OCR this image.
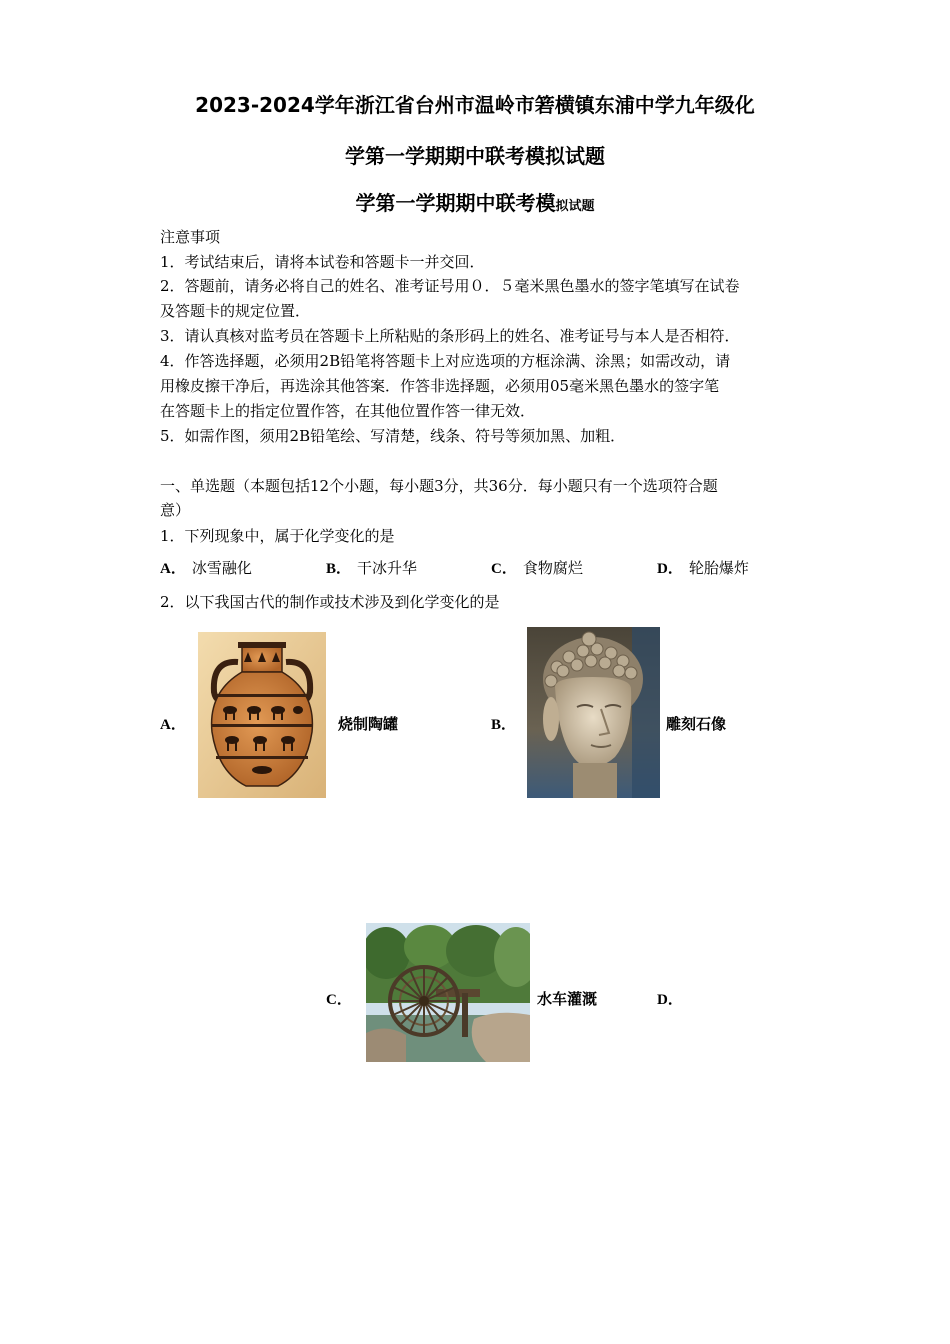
2023-2024学年浙江省台州市温岭市箬横镇东浦中学九年级化
学第一学期期中联考模拟试题
学第一学期期中联考模拟试题
注意事项
1．考试结束后，请将本试卷和答题卡一并交回．
2．答题前，请务必将自己的姓名、准考证号用０．５毫米黑色墨水的签字笔填写在试卷
及答题卡的规定位置．
3．请认真核对监考员在答题卡上所粘贴的条形码上的姓名、准考证号与本人是否相符．
4．作答选择题，必须用2B铅笔将答题卡上对应选项的方框涂满、涂黑；如需改动，请
用橡皮擦干净后，再选涂其他答案．作答非选择题，必须用05毫米黑色墨水的签字笔
在答题卡上的指定位置作答，在其他位置作答一律无效．
5．如需作图，须用2B铅笔绘、写清楚，线条、符号等须加黑、加粗．
一、单选题（本题包括12个小题，每小题3分，共36分．每小题只有一个选项符合题
意）
1．下列现象中，属于化学变化的是
A． 冰雪融化	B． 干冰升华	C． 食物腐烂	D． 轮胎爆炸
2．以下我国古代的制作或技术涉及到化学变化的是
A．	烧制陶罐	B．	雕刻石像
C．	水车灌溉	D．
